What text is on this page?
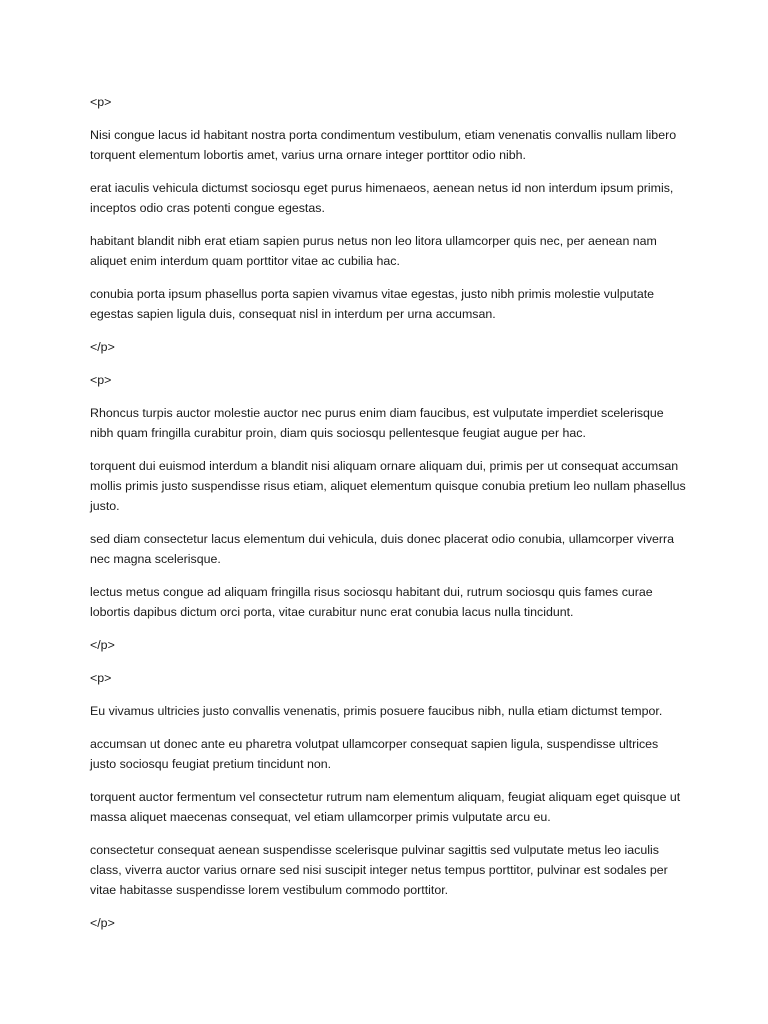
<p>

Nisi congue lacus id habitant nostra porta condimentum vestibulum, etiam venenatis convallis nullam libero torquent elementum lobortis amet, varius urna ornare integer porttitor odio nibh.

erat iaculis vehicula dictumst sociosqu eget purus himenaeos, aenean netus id non interdum ipsum primis, inceptos odio cras potenti congue egestas.

habitant blandit nibh erat etiam sapien purus netus non leo litora ullamcorper quis nec, per aenean nam aliquet enim interdum quam porttitor vitae ac cubilia hac.

conubia porta ipsum phasellus porta sapien vivamus vitae egestas, justo nibh primis molestie vulputate egestas sapien ligula duis, consequat nisl in interdum per urna accumsan.

</p>

<p>

Rhoncus turpis auctor molestie auctor nec purus enim diam faucibus, est vulputate imperdiet scelerisque nibh quam fringilla curabitur proin, diam quis sociosqu pellentesque feugiat augue per hac.

torquent dui euismod interdum a blandit nisi aliquam ornare aliquam dui, primis per ut consequat accumsan mollis primis justo suspendisse risus etiam, aliquet elementum quisque conubia pretium leo nullam phasellus justo.

sed diam consectetur lacus elementum dui vehicula, duis donec placerat odio conubia, ullamcorper viverra nec magna scelerisque.

lectus metus congue ad aliquam fringilla risus sociosqu habitant dui, rutrum sociosqu quis fames curae lobortis dapibus dictum orci porta, vitae curabitur nunc erat conubia lacus nulla tincidunt.

</p>

<p>

Eu vivamus ultricies justo convallis venenatis, primis posuere faucibus nibh, nulla etiam dictumst tempor.

accumsan ut donec ante eu pharetra volutpat ullamcorper consequat sapien ligula, suspendisse ultrices justo sociosqu feugiat pretium tincidunt non.

torquent auctor fermentum vel consectetur rutrum nam elementum aliquam, feugiat aliquam eget quisque ut massa aliquet maecenas consequat, vel etiam ullamcorper primis vulputate arcu eu.

consectetur consequat aenean suspendisse scelerisque pulvinar sagittis sed vulputate metus leo iaculis class, viverra auctor varius ornare sed nisi suscipit integer netus tempus porttitor, pulvinar est sodales per vitae habitasse suspendisse lorem vestibulum commodo porttitor.

</p>
